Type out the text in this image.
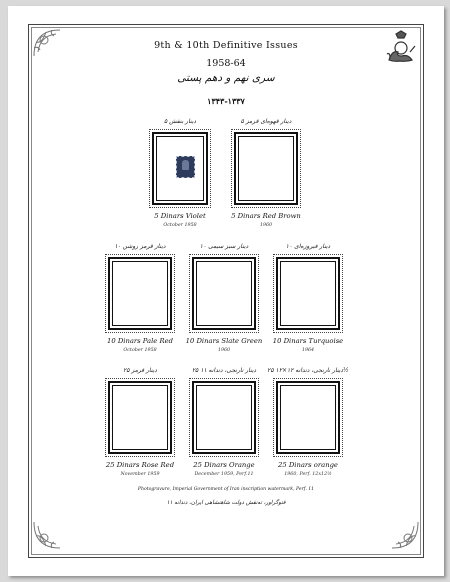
9th & 10th Definitive Issues
1958-64
سری نهم و دهم پستی
۱۳۴۳-۱۳۳۷
۵ دینار بنفش
5 Dinars Violet
October 1958
۵ دینار قهوه‌ای قرمز
5 Dinars Red Brown
1960
۱۰ دینار قرمز روشن
10 Dinars Pale Red
October 1958
۱۰ دینار سبز سیمی
10 Dinars Slate Green
1960
۱۰ دینار فیروزه‌ای
10 Dinars Turquoise
1964
۲۵ دینار قرمز
25 Dinars Rose Red
November 1959
۲۵ دینار نارنجی، دندانه ۱۱
25 Dinars Orange
December 1959, Perf.11
۲۵ دینار نارنجی، دندانه ۱۲×۱۲½
25 Dinars orange
1960, Perf. 12x12½
Photogravure, Imperial Government of Iran inscription watermark, Perf. 11
فتوگراور، ته‌نقش دولت شاهنشاهی ایران، دندانه ۱۱
